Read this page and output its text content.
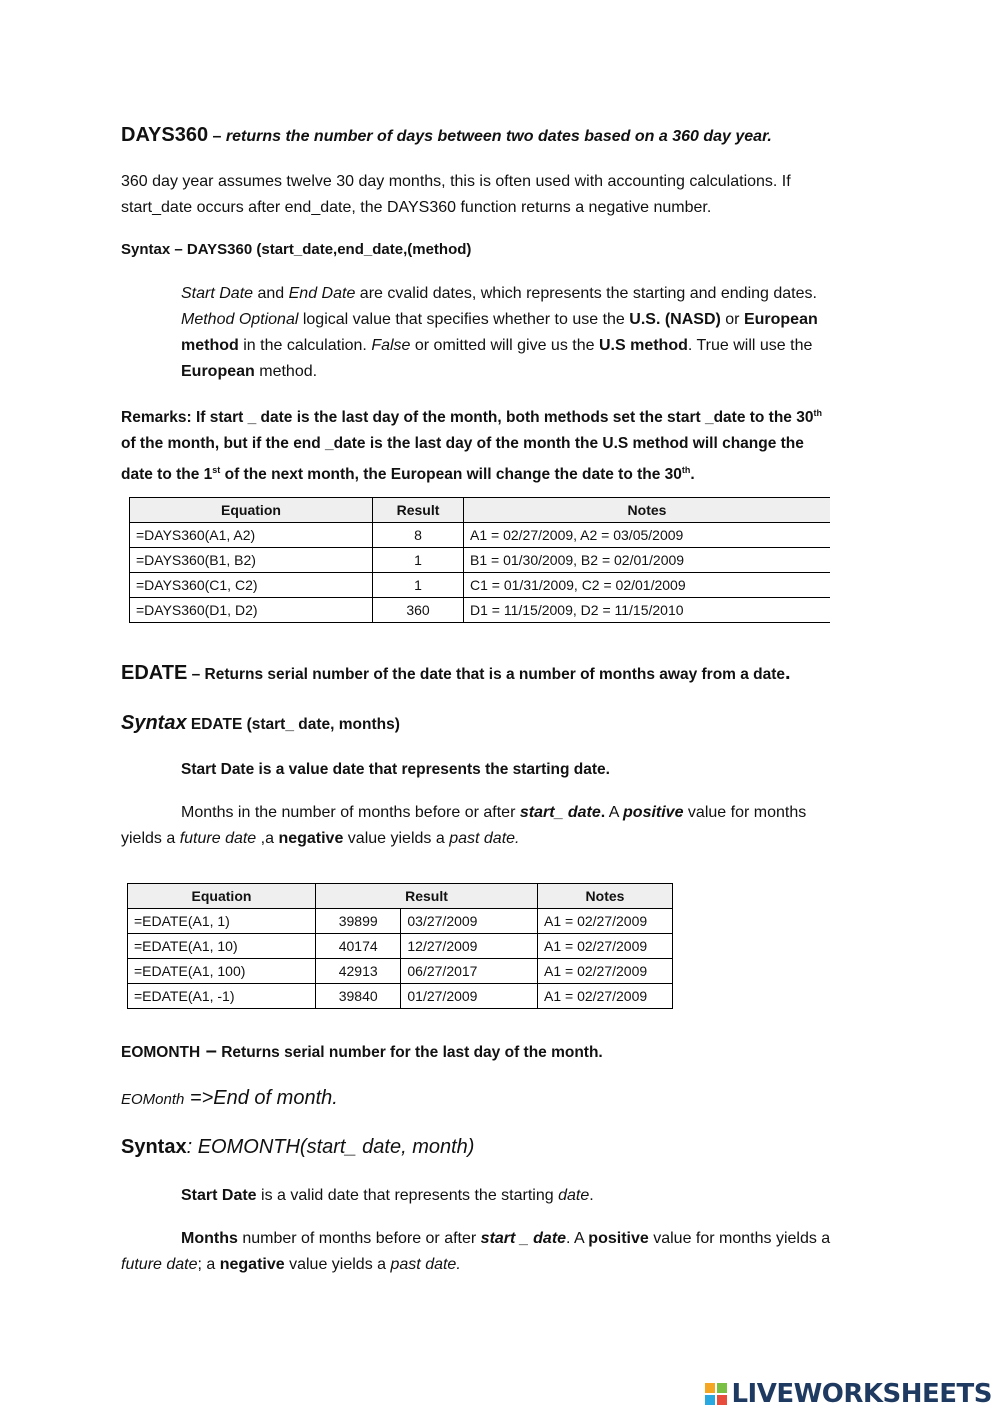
DAYS360 – returns the number of days between two dates based on a 360 day year.
360 day year assumes twelve 30 day months, this is often used with accounting calculations. If
start_date occurs after end_date, the DAYS360 function returns a negative number.
Syntax – DAYS360 (start_date,end_date,(method)
Start Date and End Date are cvalid dates, which represents the starting and ending dates.
Method Optional logical value that specifies whether to use the U.S. (NASD) or European
method in the calculation. False or omitted will give us the U.S method. True will use the
European method.
Remarks: If start _ date is the last day of the month, both methods set the start _date to the 30th
of the month, but if the end _date is the last day of the month the U.S method will change the
date to the 1st of the next month, the European will change the date to the 30th.
Equation	Result	Notes
=DAYS360(A1, A2)	8	A1 = 02/27/2009, A2 = 03/05/2009
=DAYS360(B1, B2)	1	B1 = 01/30/2009, B2 = 02/01/2009
=DAYS360(C1, C2)	1	C1 = 01/31/2009, C2 = 02/01/2009
=DAYS360(D1, D2)	360	D1 = 11/15/2009, D2 = 11/15/2010
EDATE – Returns serial number of the date that is a number of months away from a date.
Syntax EDATE (start_ date, months)
Start Date is a value date that represents the starting date.
Months in the number of months before or after start_ date. A positive value for months
yields a future date ,a negative value yields a past date.
Equation	Result		Notes
=EDATE(A1, 1)	39899	03/27/2009	A1 = 02/27/2009
=EDATE(A1, 10)	40174	12/27/2009	A1 = 02/27/2009
=EDATE(A1, 100)	42913	06/27/2017	A1 = 02/27/2009
=EDATE(A1, -1)	39840	01/27/2009	A1 = 02/27/2009
EOMONTH – Returns serial number for the last day of the month.
EOMonth =>End of month.
Syntax: EOMONTH(start_ date, month)
Start Date is a valid date that represents the starting date.
Months number of months before or after start _ date. A positive value for months yields a
future date; a negative value yields a past date.
LIVEWORKSHEETS
